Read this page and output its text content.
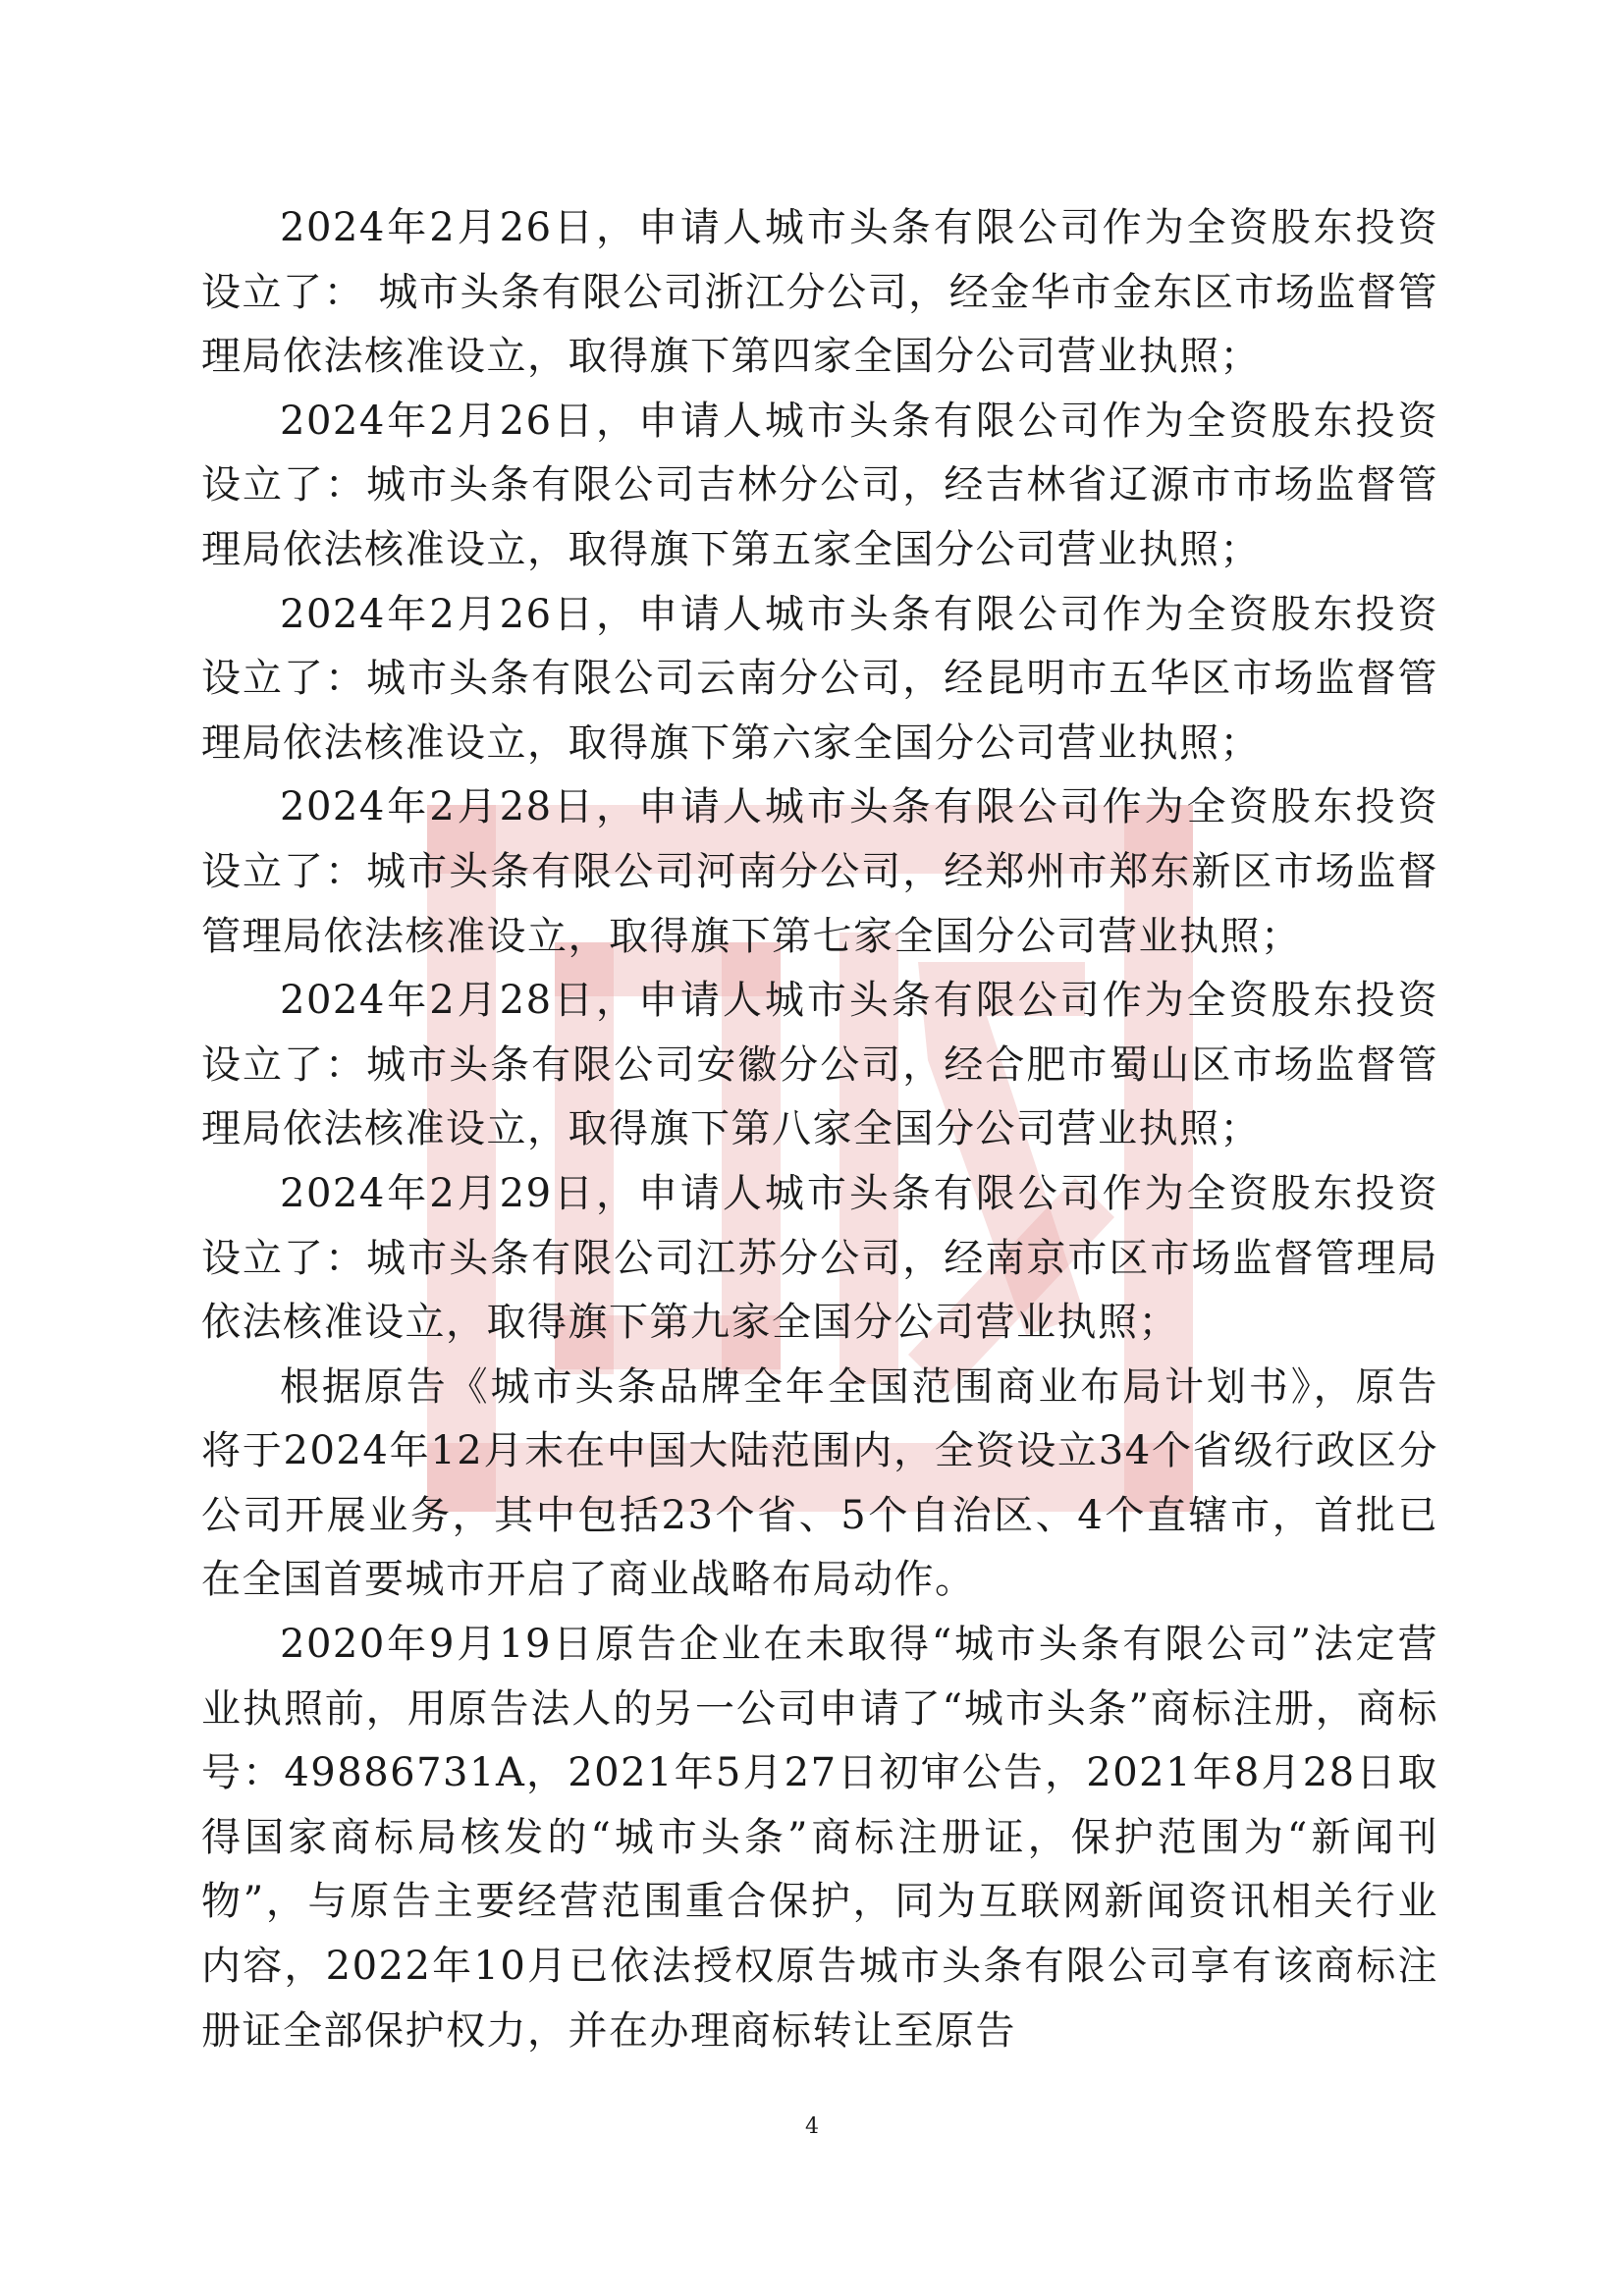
2024年2月26日，申请人城市头条有限公司作为全资股东投资设立了： 城市头条有限公司浙江分公司，经金华市金东区市场监督管理局依法核准设立，取得旗下第四家全国分公司营业执照；

2024年2月26日，申请人城市头条有限公司作为全资股东投资设立了：城市头条有限公司吉林分公司，经吉林省辽源市市场监督管理局依法核准设立，取得旗下第五家全国分公司营业执照；

2024年2月26日，申请人城市头条有限公司作为全资股东投资设立了：城市头条有限公司云南分公司，经昆明市五华区市场监督管理局依法核准设立，取得旗下第六家全国分公司营业执照；

2024年2月28日，申请人城市头条有限公司作为全资股东投资设立了：城市头条有限公司河南分公司，经郑州市郑东新区市场监督管理局依法核准设立，取得旗下第七家全国分公司营业执照；

2024年2月28日，申请人城市头条有限公司作为全资股东投资设立了：城市头条有限公司安徽分公司，经合肥市蜀山区市场监督管理局依法核准设立，取得旗下第八家全国分公司营业执照；

2024年2月29日，申请人城市头条有限公司作为全资股东投资设立了：城市头条有限公司江苏分公司，经南京市区市场监督管理局依法核准设立，取得旗下第九家全国分公司营业执照；

根据原告《城市头条品牌全年全国范围商业布局计划书》，原告将于2024年12月末在中国大陆范围内，全资设立34个省级行政区分公司开展业务，其中包括23个省、5个自治区、4个直辖市，首批已在全国首要城市开启了商业战略布局动作。

2020年9月19日原告企业在未取得“城市头条有限公司”法定营业执照前，用原告法人的另一公司申请了“城市头条”商标注册，商标号：49886731A，2021年5月27日初审公告，2021年8月28日取得国家商标局核发的“城市头条”商标注册证，保护范围为“新闻刊物”，与原告主要经营范围重合保护，同为互联网新闻资讯相关行业内容，2022年10月已依法授权原告城市头条有限公司享有该商标注册证全部保护权力，并在办理商标转让至原告

4
